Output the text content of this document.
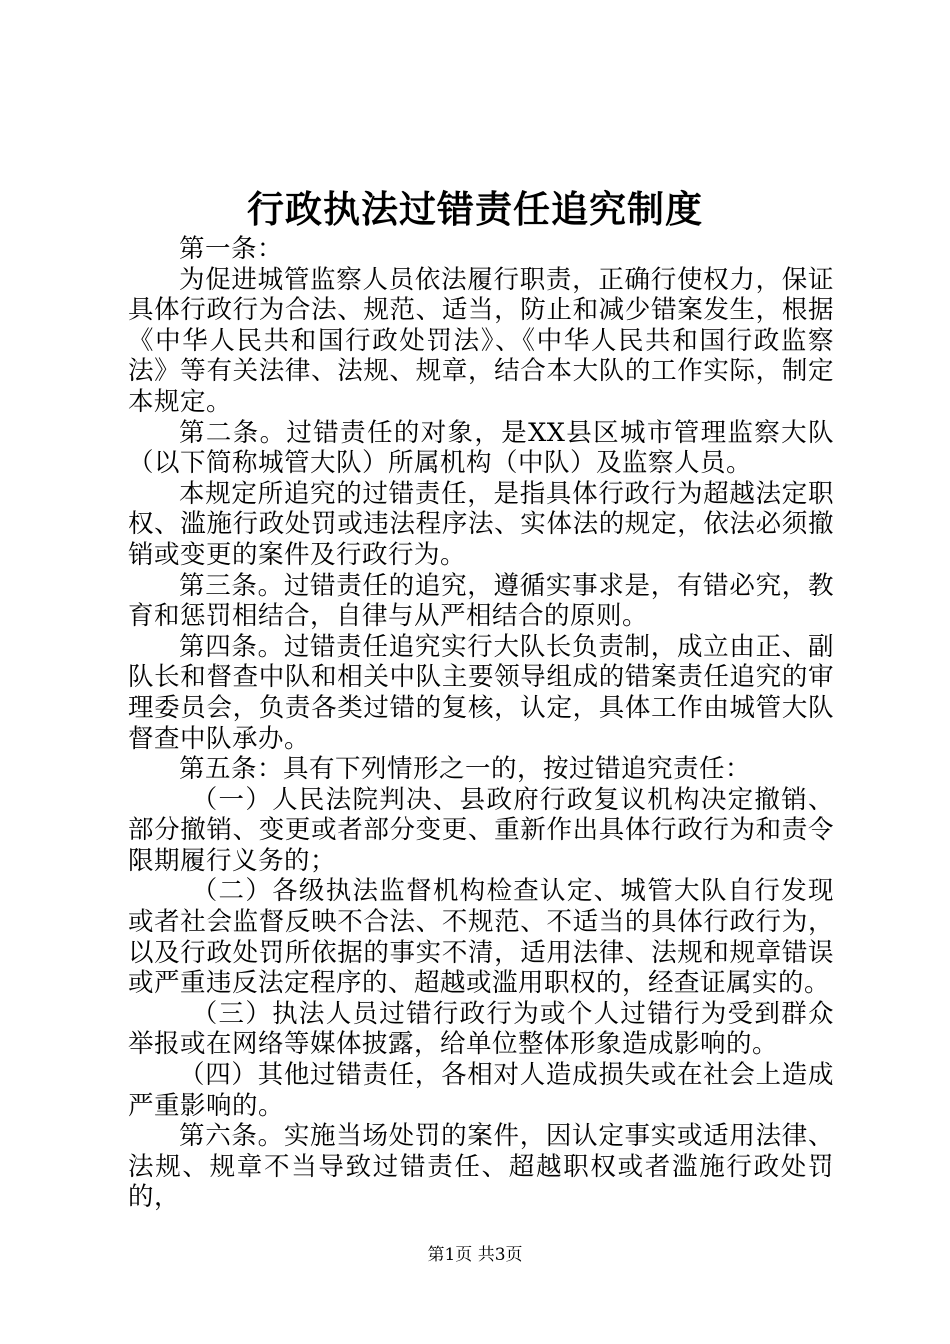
行政执法过错责任追究制度

第一条：

为促进城管监察人员依法履行职责，正确行使权力，保证具体行政行为合法、规范、适当，防止和减少错案发生，根据《中华人民共和国行政处罚法》、《中华人民共和国行政监察法》等有关法律、法规、规章，结合本大队的工作实际，制定本规定。

第二条。过错责任的对象，是XX县区城市管理监察大队（以下简称城管大队）所属机构（中队）及监察人员。

本规定所追究的过错责任，是指具体行政行为超越法定职权、滥施行政处罚或违法程序法、实体法的规定，依法必须撤销或变更的案件及行政行为。

第三条。过错责任的追究，遵循实事求是，有错必究，教育和惩罚相结合，自律与从严相结合的原则。

第四条。过错责任追究实行大队长负责制，成立由正、副队长和督查中队和相关中队主要领导组成的错案责任追究的审理委员会，负责各类过错的复核，认定，具体工作由城管大队督查中队承办。

第五条：具有下列情形之一的，按过错追究责任：

（一）人民法院判决、县政府行政复议机构决定撤销、部分撤销、变更或者部分变更、重新作出具体行政行为和责令限期履行义务的；

（二）各级执法监督机构检查认定、城管大队自行发现或者社会监督反映不合法、不规范、不适当的具体行政行为，以及行政处罚所依据的事实不清，适用法律、法规和规章错误或严重违反法定程序的、超越或滥用职权的，经查证属实的。

（三）执法人员过错行政行为或个人过错行为受到群众举报或在网络等媒体披露，给单位整体形象造成影响的。

（四）其他过错责任，各相对人造成损失或在社会上造成严重影响的。

第六条。实施当场处罚的案件，因认定事实或适用法律、法规、规章不当导致过错责任、超越职权或者滥施行政处罚的，

第1页 共3页
